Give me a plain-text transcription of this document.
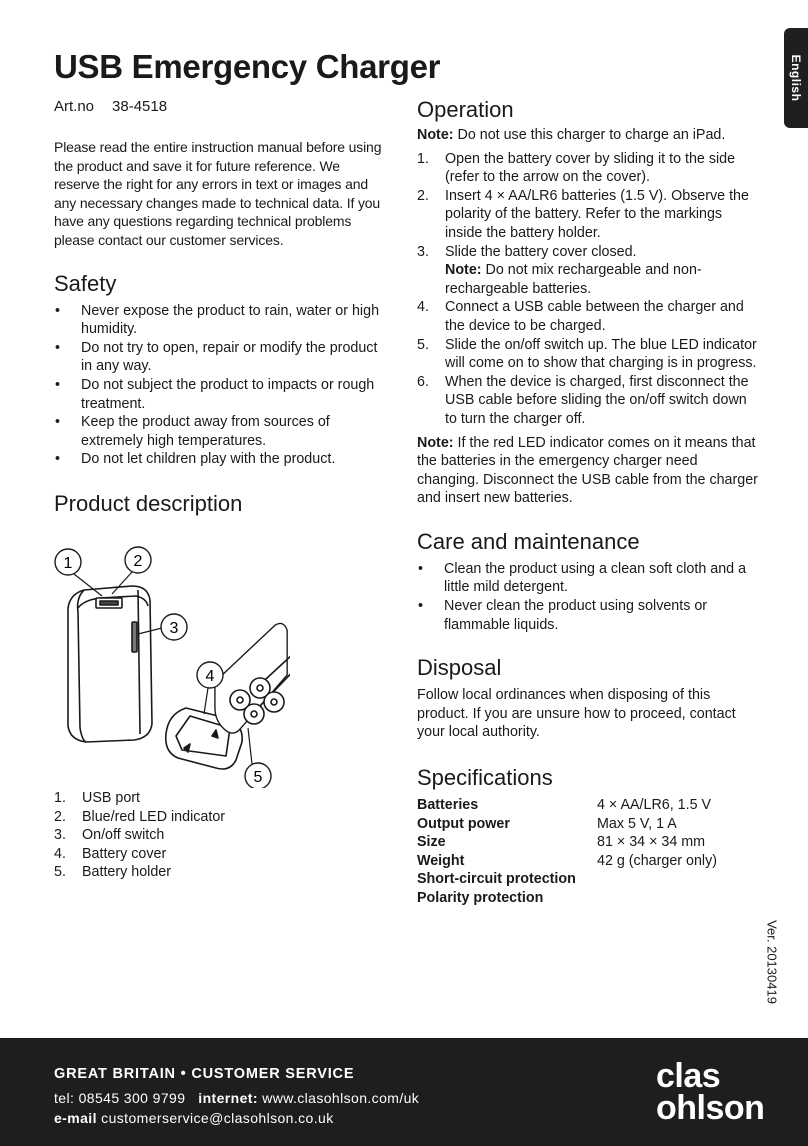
English
USB Emergency Charger
Art.no 38-4518

Please read the entire instruction manual before using the product and save it for future reference. We reserve the right for any errors in text or images and any necessary changes made to technical data. If you have any questions regarding technical problems please contact our customer services.

Safety
• Never expose the product to rain, water or high humidity.
• Do not try to open, repair or modify the product in any way.
• Do not subject the product to impacts or rough treatment.
• Keep the product away from sources of extremely high temperatures.
• Do not let children play with the product.
Product description
1	2
3
4
5
1. USB port
2. Blue/red LED indicator
3. On/off switch
4. Battery cover
5. Battery holder
Operation

Note: Do not use this charger to charge an iPad.

1. Open the battery cover by sliding it to the side (refer to the arrow on the cover).
2. Insert 4 × AA/LR6 batteries (1.5 V). Observe the polarity of the battery. Refer to the markings inside the battery holder.
3. Slide the battery cover closed.
Note: Do not mix rechargeable and non-rechargeable batteries.
4. Connect a USB cable between the charger and the device to be charged.
5. Slide the on/off switch up. The blue LED indicator will come on to show that charging is in progress.
6. When the device is charged, first disconnect the USB cable before sliding the on/off switch down to turn the charger off.

Note: If the red LED indicator comes on it means that the batteries in the emergency charger need changing. Disconnect the USB cable from the charger and insert new batteries.

Care and maintenance
• Clean the product using a clean soft cloth and a little mild detergent.
• Never clean the product using solvents or flammable liquids.
Disposal

Follow local ordinances when disposing of this product. If you are unsure how to proceed, contact your local authority.

Specifications
Batteries	4 × AA/LR6, 1.5 V
Output power	Max 5 V, 1 A
Size	81 × 34 × 34 mm
Weight	42 g (charger only)
Short-circuit protection
Polarity protection
Ver. 20130419
GREAT BRITAIN • CUSTOMER SERVICE
tel: 08545 300 9799 internet: www.clasohlson.com/uk
e-mail customerservice@clasohlson.co.uk
clas
ohlson
